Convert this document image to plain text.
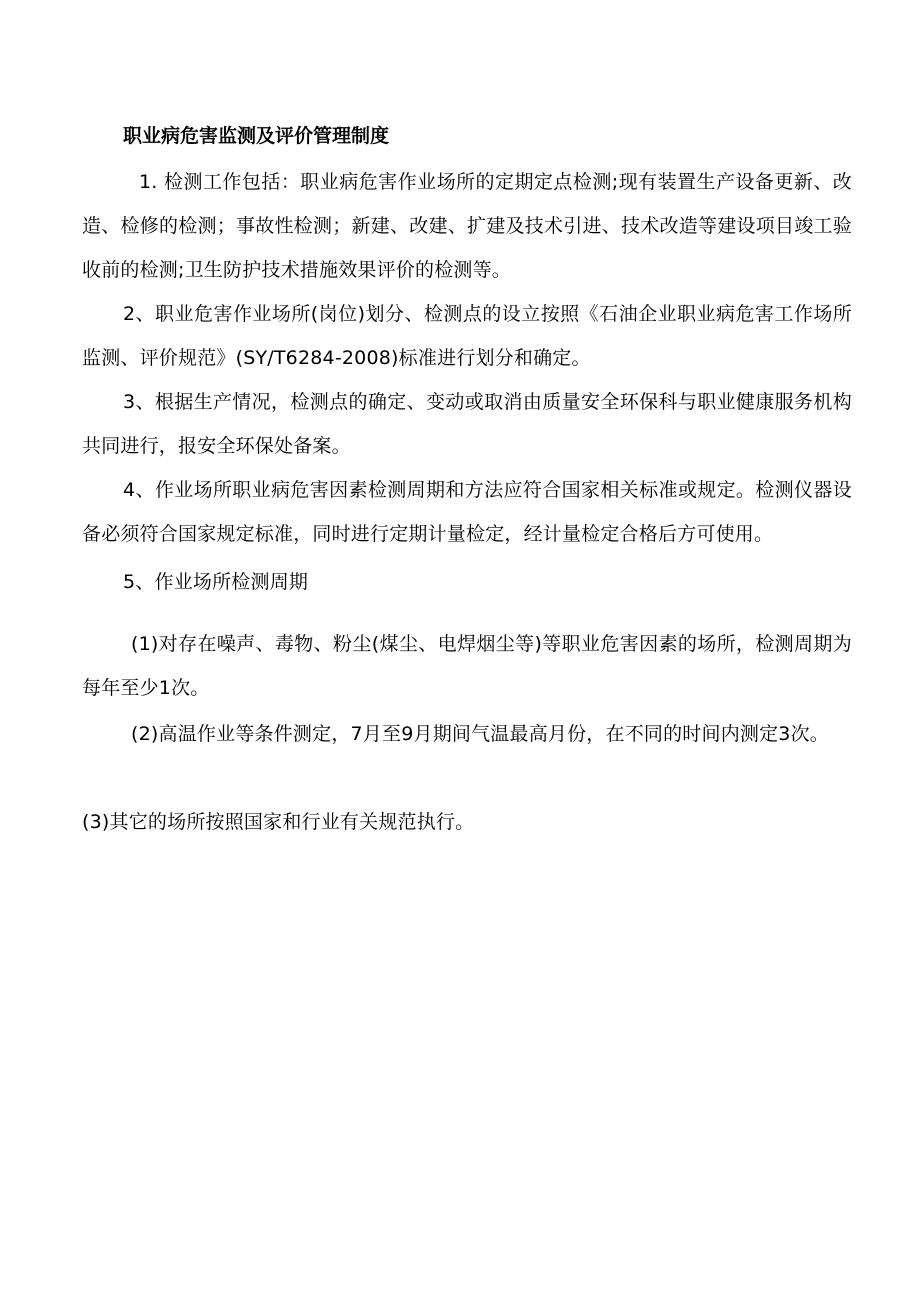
职业病危害监测及评价管理制度
1. 检测工作包括：职业病危害作业场所的定期定点检测;现有装置生产设备更新、改造、检修的检测；事故性检测；新建、改建、扩建及技术引进、技术改造等建设项目竣工验收前的检测;卫生防护技术措施效果评价的检测等。
2、职业危害作业场所(岗位)划分、检测点的设立按照《石油企业职业病危害工作场所监测、评价规范》(SY/T6284-2008)标准进行划分和确定。
3、根据生产情况，检测点的确定、变动或取消由质量安全环保科与职业健康服务机构共同进行，报安全环保处备案。
4、作业场所职业病危害因素检测周期和方法应符合国家相关标准或规定。检测仪器设备必须符合国家规定标准，同时进行定期计量检定，经计量检定合格后方可使用。
5、作业场所检测周期
(1)对存在噪声、毒物、粉尘(煤尘、电焊烟尘等)等职业危害因素的场所，检测周期为每年至少1次。
(2)高温作业等条件测定，7月至9月期间气温最高月份，在不同的时间内测定3次。
(3)其它的场所按照国家和行业有关规范执行。
